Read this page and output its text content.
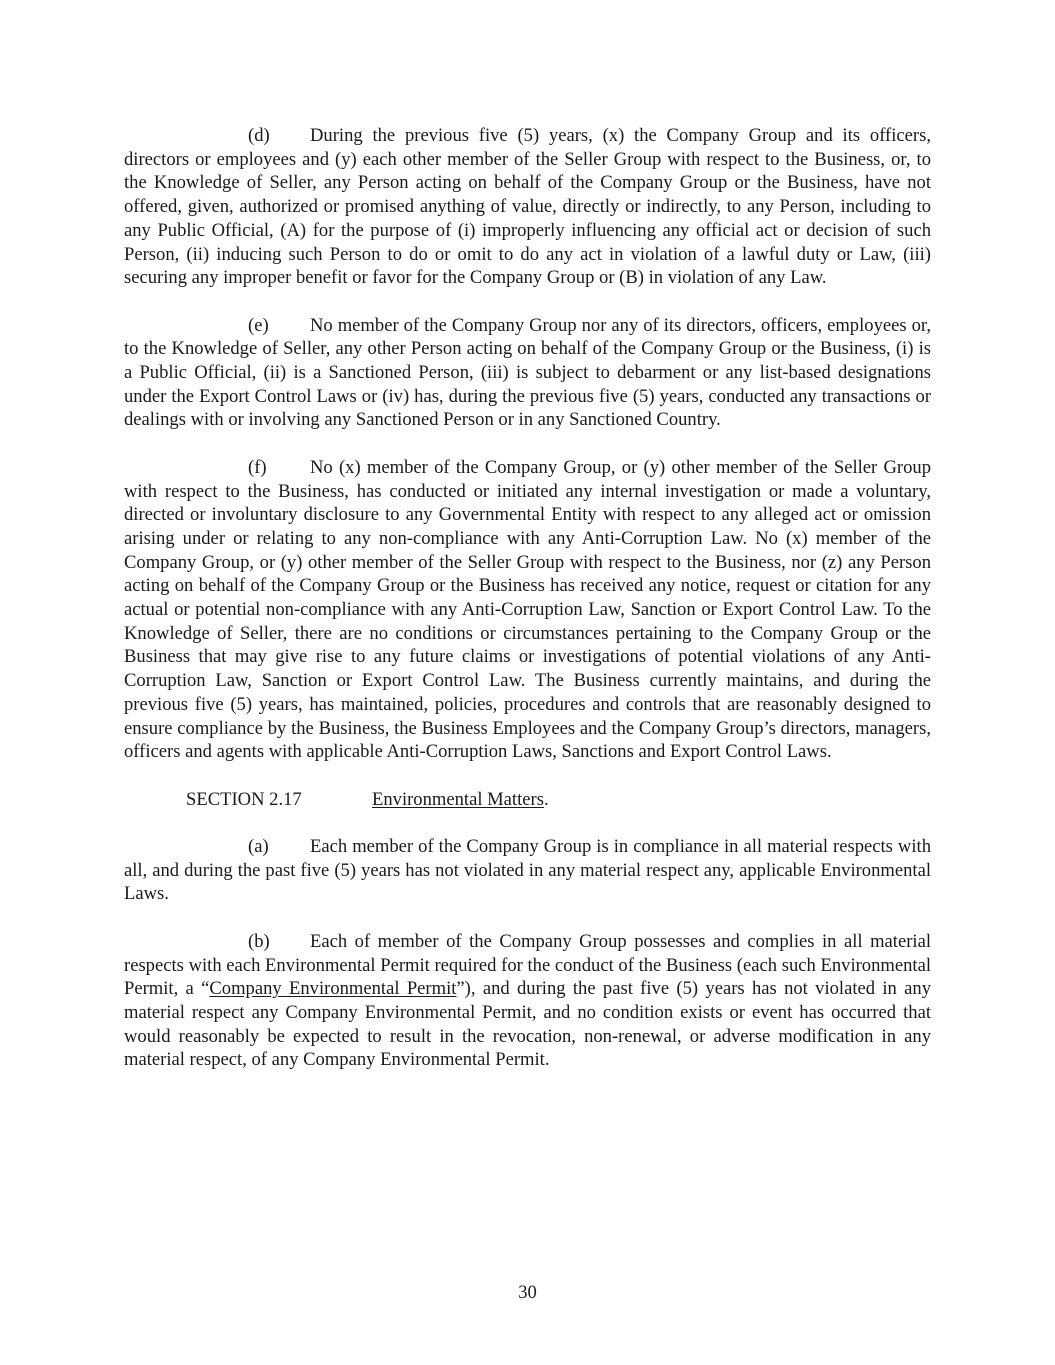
(d) During the previous five (5) years, (x) the Company Group and its officers, directors or employees and (y) each other member of the Seller Group with respect to the Business, or, to the Knowledge of Seller, any Person acting on behalf of the Company Group or the Business, have not offered, given, authorized or promised anything of value, directly or indirectly, to any Person, including to any Public Official, (A) for the purpose of (i) improperly influencing any official act or decision of such Person, (ii) inducing such Person to do or omit to do any act in violation of a lawful duty or Law, (iii) securing any improper benefit or favor for the Company Group or (B) in violation of any Law.

(e) No member of the Company Group nor any of its directors, officers, employees or, to the Knowledge of Seller, any other Person acting on behalf of the Company Group or the Business, (i) is a Public Official, (ii) is a Sanctioned Person, (iii) is subject to debarment or any list-based designations under the Export Control Laws or (iv) has, during the previous five (5) years, conducted any transactions or dealings with or involving any Sanctioned Person or in any Sanctioned Country.

(f) No (x) member of the Company Group, or (y) other member of the Seller Group with respect to the Business, has conducted or initiated any internal investigation or made a voluntary, directed or involuntary disclosure to any Governmental Entity with respect to any alleged act or omission arising under or relating to any non-compliance with any Anti-Corruption Law. No (x) member of the Company Group, or (y) other member of the Seller Group with respect to the Business, nor (z) any Person acting on behalf of the Company Group or the Business has received any notice, request or citation for any actual or potential non-compliance with any Anti-Corruption Law, Sanction or Export Control Law. To the Knowledge of Seller, there are no conditions or circumstances pertaining to the Company Group or the Business that may give rise to any future claims or investigations of potential violations of any Anti-Corruption Law, Sanction or Export Control Law. The Business currently maintains, and during the previous five (5) years, has maintained, policies, procedures and controls that are reasonably designed to ensure compliance by the Business, the Business Employees and the Company Group’s directors, managers, officers and agents with applicable Anti-Corruption Laws, Sanctions and Export Control Laws.

SECTION 2.17	Environmental Matters.

(a) Each member of the Company Group is in compliance in all material respects with all, and during the past five (5) years has not violated in any material respect any, applicable Environmental Laws.

(b) Each of member of the Company Group possesses and complies in all material respects with each Environmental Permit required for the conduct of the Business (each such Environmental Permit, a “Company Environmental Permit”), and during the past five (5) years has not violated in any material respect any Company Environmental Permit, and no condition exists or event has occurred that would reasonably be expected to result in the revocation, non-renewal, or adverse modification in any material respect, of any Company Environmental Permit.

30
